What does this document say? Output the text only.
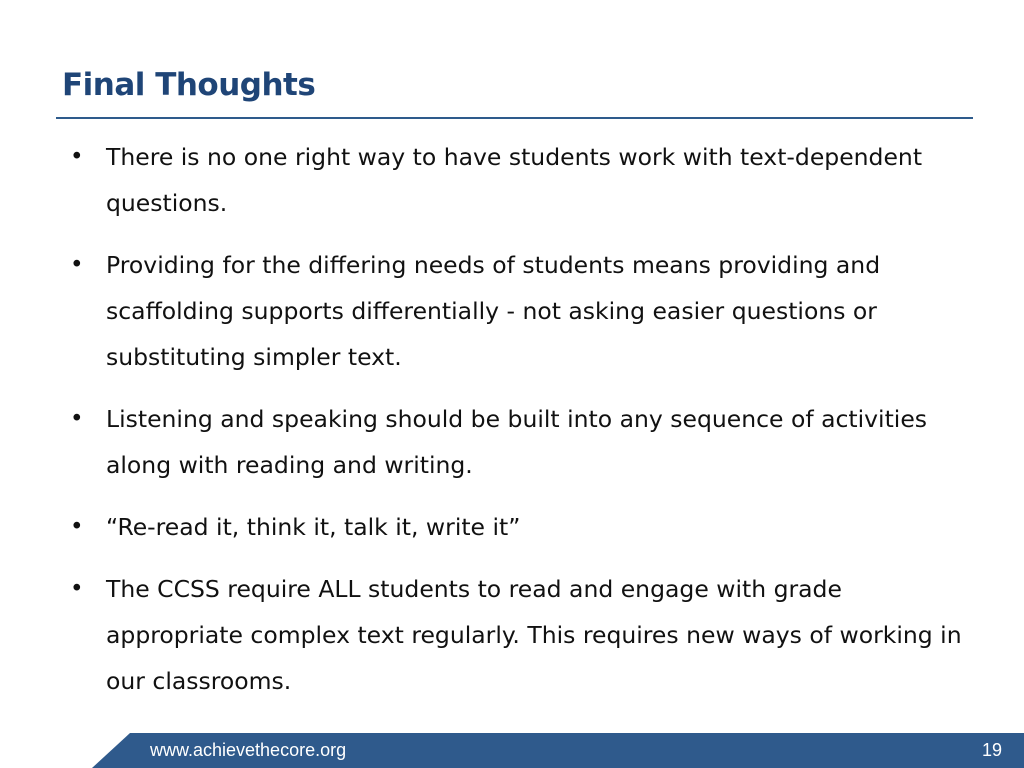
Final Thoughts
• There is no one right way to have students work with text-dependent questions.
• Providing for the differing needs of students means providing and scaffolding supports differentially - not asking easier questions or substituting simpler text.
• Listening and speaking should be built into any sequence of activities along with reading and writing.
• “Re-read it, think it, talk it, write it”
• The CCSS require ALL students to read and engage with grade appropriate complex text regularly. This requires new ways of working in our classrooms.
www.achievethecore.org	19
